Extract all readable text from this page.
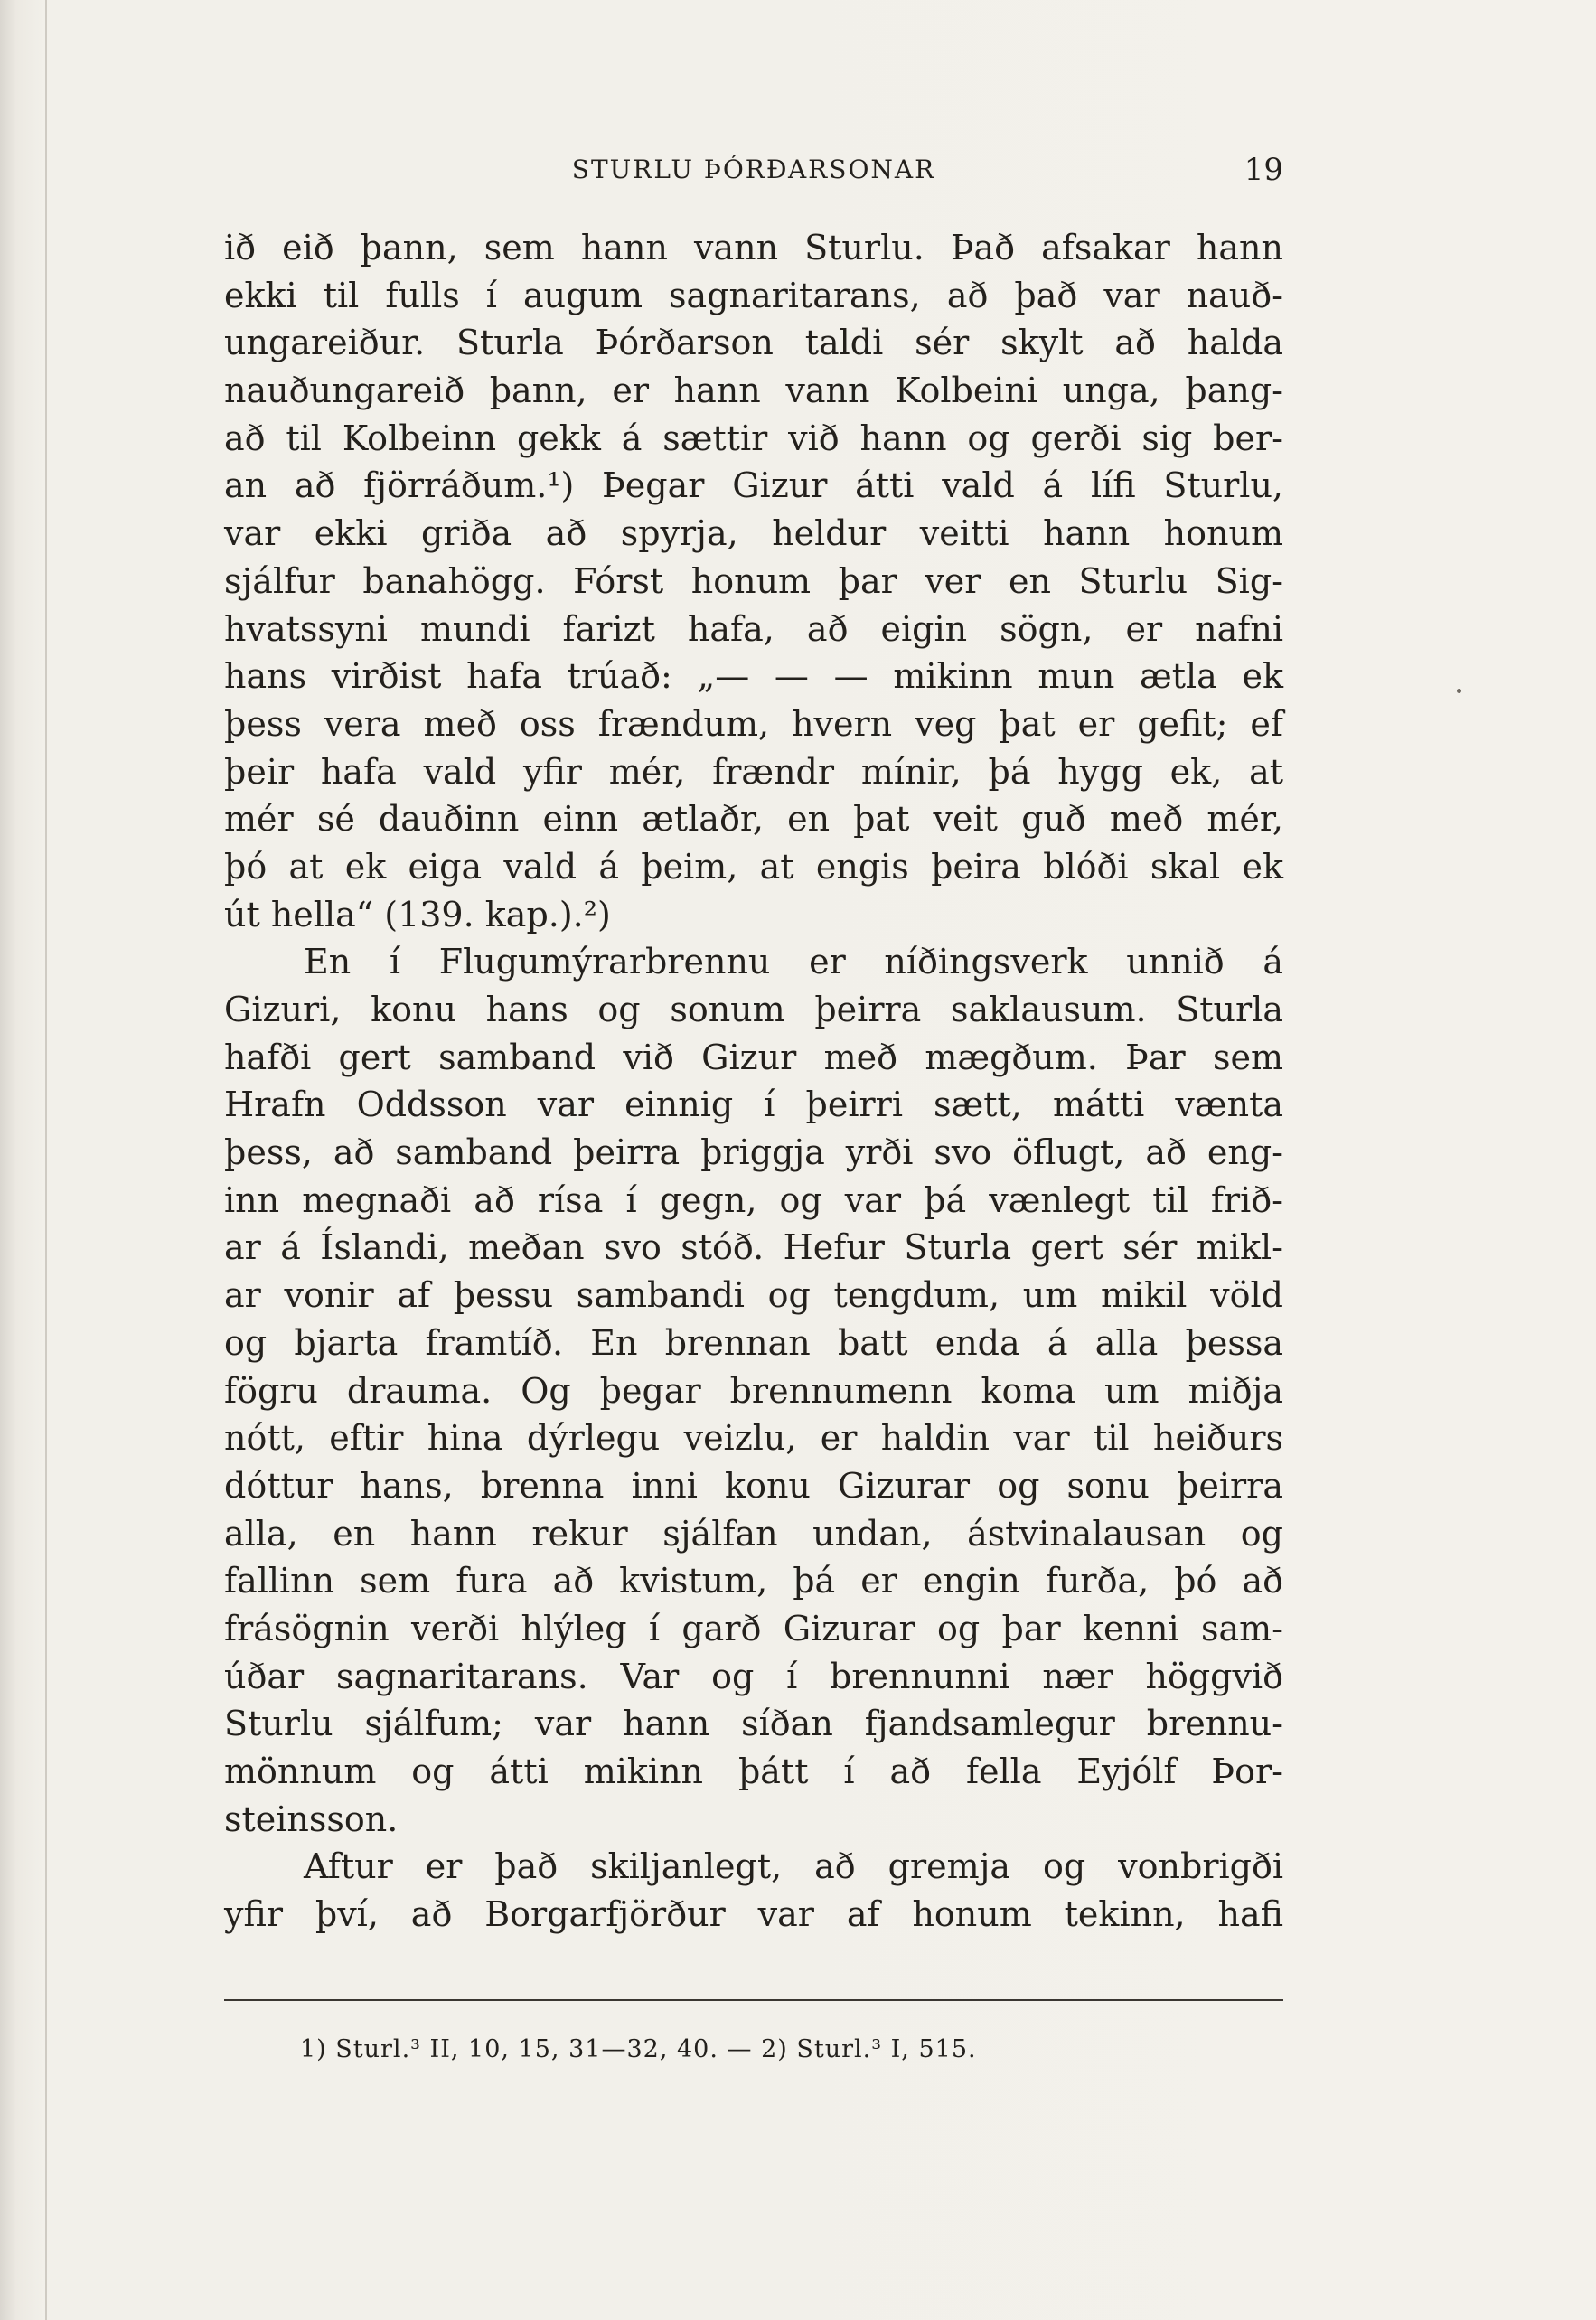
STURLU ÞÓRÐARSONAR	19
ið eið þann, sem hann vann Sturlu. Það afsakar hann
ekki til fulls í augum sagnaritarans, að það var nauð-
ungareiður. Sturla Þórðarson taldi sér skylt að halda
nauðungareið þann, er hann vann Kolbeini unga, þang-
að til Kolbeinn gekk á sættir við hann og gerði sig ber-
an að fjörráðum.¹) Þegar Gizur átti vald á lífi Sturlu,
var ekki griða að spyrja, heldur veitti hann honum
sjálfur banahögg. Fórst honum þar ver en Sturlu Sig-
hvatssyni mundi farizt hafa, að eigin sögn, er nafni
hans virðist hafa trúað: „— — — mikinn mun ætla ek
þess vera með oss frændum, hvern veg þat er gefit; ef
þeir hafa vald yfir mér, frændr mínir, þá hygg ek, at
mér sé dauðinn einn ætlaðr, en þat veit guð með mér,
þó at ek eiga vald á þeim, at engis þeira blóði skal ek
út hella“ (139. kap.).²)
En í Flugumýrarbrennu er níðingsverk unnið á
Gizuri, konu hans og sonum þeirra saklausum. Sturla
hafði gert samband við Gizur með mægðum. Þar sem
Hrafn Oddsson var einnig í þeirri sætt, mátti vænta
þess, að samband þeirra þriggja yrði svo öflugt, að eng-
inn megnaði að rísa í gegn, og var þá vænlegt til frið-
ar á Íslandi, meðan svo stóð. Hefur Sturla gert sér mikl-
ar vonir af þessu sambandi og tengdum, um mikil völd
og bjarta framtíð. En brennan batt enda á alla þessa
fögru drauma. Og þegar brennumenn koma um miðja
nótt, eftir hina dýrlegu veizlu, er haldin var til heiðurs
dóttur hans, brenna inni konu Gizurar og sonu þeirra
alla, en hann rekur sjálfan undan, ástvinalausan og
fallinn sem fura að kvistum, þá er engin furða, þó að
frásögnin verði hlýleg í garð Gizurar og þar kenni sam-
úðar sagnaritarans. Var og í brennunni nær höggvið
Sturlu sjálfum; var hann síðan fjandsamlegur brennu-
mönnum og átti mikinn þátt í að fella Eyjólf Þor-
steinsson.
Aftur er það skiljanlegt, að gremja og vonbrigði
yfir því, að Borgarfjörður var af honum tekinn, hafi
1) Sturl.³ II, 10, 15, 31—32, 40. — 2) Sturl.³ I, 515.
